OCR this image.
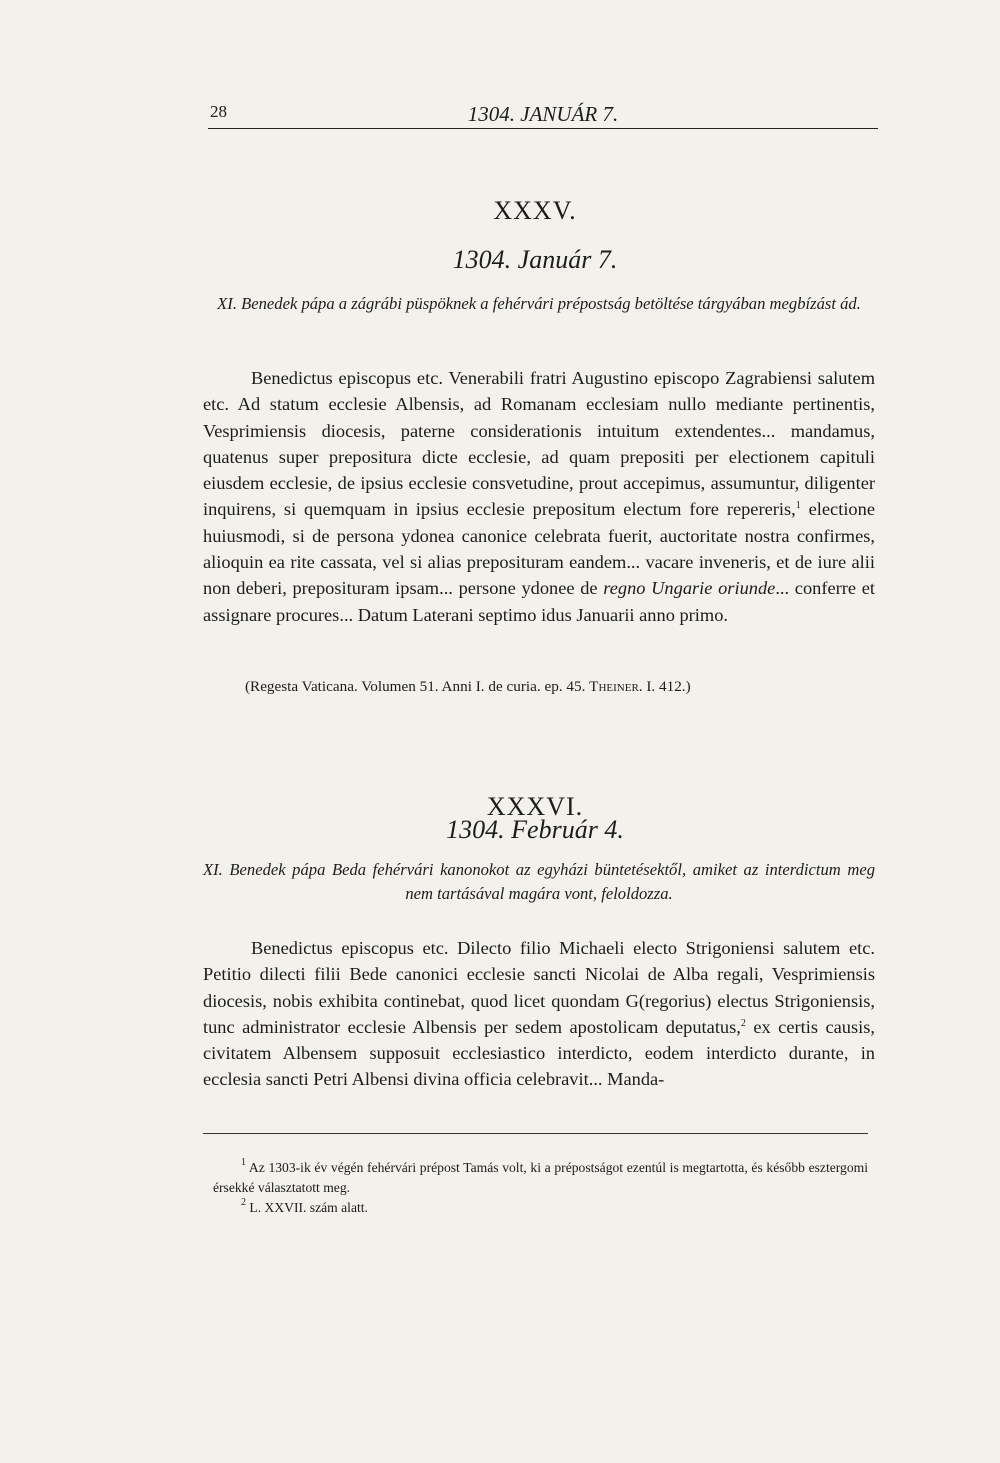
28	1304. JANUÁR 7.
XXXV.
1304. Január 7.
XI. Benedek pápa a zágrábi püspöknek a fehérvári prépostság betöltése tárgyában megbízást ád.
Benedictus episcopus etc. Venerabili fratri Augustino episcopo Zagrabiensi salutem etc. Ad statum ecclesie Albensis, ad Romanam ecclesiam nullo mediante pertinentis, Vesprimiensis diocesis, paterne considerationis intuitum extendentes... mandamus, quatenus super prepositura dicte ecclesie, ad quam prepositi per electionem capituli eiusdem ecclesie, de ipsius ecclesie consvetudine, prout accepimus, assumuntur, diligenter inquirens, si quemquam in ipsius ecclesie prepositum electum fore repereris,$^1$ electione huiusmodi, si de persona ydonea canonice celebrata fuerit, auctoritate nostra confirmes, alioquin ea rite cassata, vel si alias preposituram eandem... vacare inveneris, et de iure alii non deberi, preposituram ipsam... persone ydonee de regno Ungarie oriunde... conferre et assignare procures... Datum Laterani septimo idus Januarii anno primo.
(Regesta Vaticana. Volumen 51. Anni I. de curia. ep. 45. Theiner. I. 412.)
XXXVI.
1304. Február 4.
XI. Benedek pápa Beda fehérvári kanonokot az egyházi büntetésektől, amiket az interdictum meg nem tartásával magára vont, feloldozza.
Benedictus episcopus etc. Dilecto filio Michaeli electo Strigoniensi salutem etc. Petitio dilecti filii Bede canonici ecclesie sancti Nicolai de Alba regali, Vesprimiensis diocesis, nobis exhibita continebat, quod licet quondam G(regorius) electus Strigoniensis, tunc administrator ecclesie Albensis per sedem apostolicam deputatus,$^2$ ex certis causis, civitatem Albensem supposuit ecclesiastico interdicto, eodem interdicto durante, in ecclesia sancti Petri Albensi divina officia celebravit... Manda-

$^1$ Az 1303-ik év végén fehérvári prépost Tamás volt, ki a prépostságot ezentúl is megtartotta, és később esztergomi érsekké választatott meg.

$^2$ L. XXVII. szám alatt.
